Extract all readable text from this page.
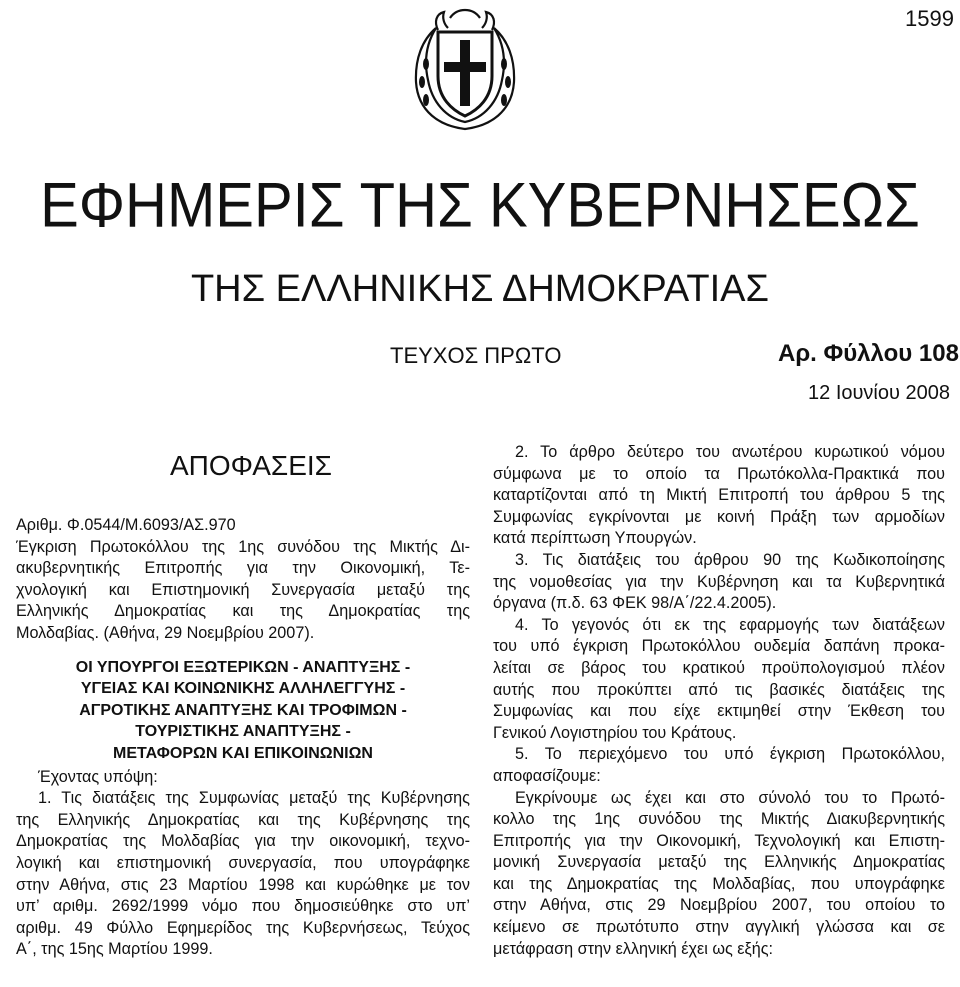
1599
ΕΦΗΜΕΡΙΣ ΤΗΣ ΚΥΒΕΡΝΗΣΕΩΣ
ΤΗΣ ΕΛΛΗΝΙΚΗΣ ΔΗΜΟΚΡΑΤΙΑΣ
ΤΕΥΧΟΣ ΠΡΩΤΟ	Αρ. Φύλλου 108
12 Ιουνίου 2008
ΑΠΟΦΑΣΕΙΣ
Αριθμ. Φ.0544/Μ.6093/ΑΣ.970
Έγκριση Πρωτοκόλλου της 1ης συνόδου της Μικτής Δι-
ακυβερνητικής Επιτροπής για την Οικονομική, Τε-
χνολογική και Επιστημονική Συνεργασία μεταξύ της
Ελληνικής Δημοκρατίας και της Δημοκρατίας της
Μολδαβίας. (Αθήνα, 29 Νοεμβρίου 2007).
ΟΙ ΥΠΟΥΡΓΟΙ ΕΞΩΤΕΡΙΚΩΝ - ΑΝΑΠΤΥΞΗΣ -
ΥΓΕΙΑΣ ΚΑΙ ΚΟΙΝΩΝΙΚΗΣ ΑΛΛΗΛΕΓΓΥΗΣ -
ΑΓΡΟΤΙΚΗΣ ΑΝΑΠΤΥΞΗΣ ΚΑΙ ΤΡΟΦΙΜΩΝ -
ΤΟΥΡΙΣΤΙΚΗΣ ΑΝΑΠΤΥΞΗΣ -
ΜΕΤΑΦΟΡΩΝ ΚΑΙ ΕΠΙΚΟΙΝΩΝΙΩΝ
Έχοντας υπόψη:
1. Τις διατάξεις της Συμφωνίας μεταξύ της Κυβέρνησης
της Ελληνικής Δημοκρατίας και της Κυβέρνησης της
Δημοκρατίας της Μολδαβίας για την οικονομική, τεχνο-
λογική και επιστημονική συνεργασία, που υπογράφηκε
στην Αθήνα, στις 23 Μαρτίου 1998 και κυρώθηκε με τον
υπ’ αριθμ. 2692/1999 νόμο που δημοσιεύθηκε στο υπ’
αριθμ. 49 Φύλλο Εφημερίδος της Κυβερνήσεως, Τεύχος
Α΄, της 15ης Μαρτίου 1999.
2. Το άρθρο δεύτερο του ανωτέρου κυρωτικού νόμου
σύμφωνα με το οποίο τα Πρωτόκολλα-Πρακτικά που
καταρτίζονται από τη Μικτή Επιτροπή του άρθρου 5 της
Συμφωνίας εγκρίνονται με κοινή Πράξη των αρμοδίων
κατά περίπτωση Υπουργών.
3. Τις διατάξεις του άρθρου 90 της Κωδικοποίησης
της νομοθεσίας για την Κυβέρνηση και τα Κυβερνητικά
όργανα (π.δ. 63 ΦΕΚ 98/Α΄/22.4.2005).
4. Το γεγονός ότι εκ της εφαρμογής των διατάξεων
του υπό έγκριση Πρωτοκόλλου ουδεμία δαπάνη προκα-
λείται σε βάρος του κρατικού προϋπολογισμού πλέον
αυτής που προκύπτει από τις βασικές διατάξεις της
Συμφωνίας και που είχε εκτιμηθεί στην Έκθεση του
Γενικού Λογιστηρίου του Κράτους.
5. Το περιεχόμενο του υπό έγκριση Πρωτοκόλλου,
αποφασίζουμε:
Εγκρίνουμε ως έχει και στο σύνολό του το Πρωτό-
κολλο της 1ης συνόδου της Μικτής Διακυβερνητικής
Επιτροπής για την Οικονομική, Τεχνολογική και Επιστη-
μονική Συνεργασία μεταξύ της Ελληνικής Δημοκρατίας
και της Δημοκρατίας της Μολδαβίας, που υπογράφηκε
στην Αθήνα, στις 29 Νοεμβρίου 2007, του οποίου το
κείμενο σε πρωτότυπο στην αγγλική γλώσσα και σε
μετάφραση στην ελληνική έχει ως εξής:
